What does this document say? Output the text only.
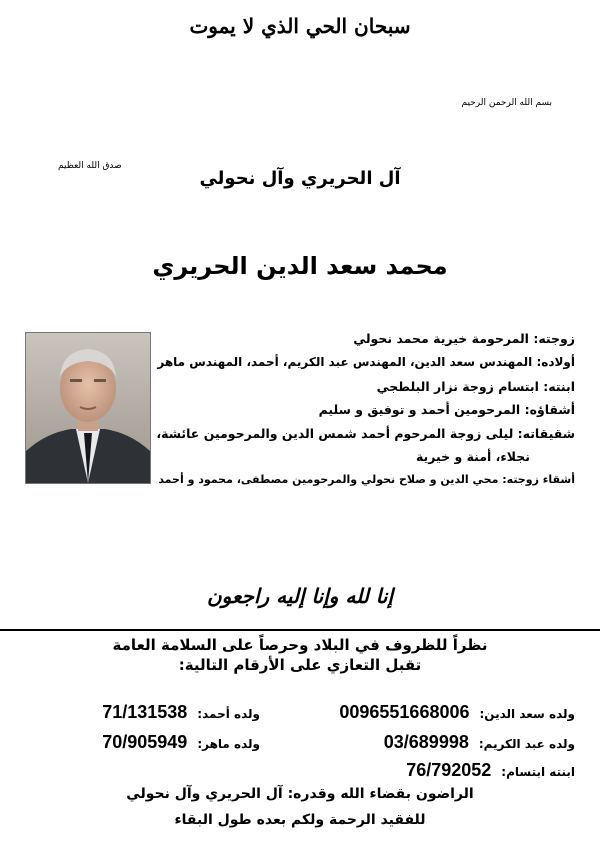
سبحان الحي الذي لا يموت
بسم الله الرحمن الرحيم
صدق الله العظيم
آل الحريري وآل نحولي
محمد سعد الدين الحريري
زوجته: المرحومة خيرية محمد نحولي
أولاده: المهندس سعد الدين، المهندس عبد الكريم، أحمد، المهندس ماهر
ابنته: ابتسام زوجة نزار البلطجي
أشقاؤه: المرحومين أحمد و توفيق و سليم
شقيقاته: ليلى زوجة المرحوم أحمد شمس الدين والمرحومين عائشة،
نجلاء، أمنة و خيرية
أشقاء زوجته: محي الدين و صلاح نحولي والمرحومين مصطفى، محمود و أحمد
إنا لله وإنا إليه راجعون
نظراً للظروف في البلاد وحرصاً على السلامة العامة
تقبل التعازي على الأرقام التالية:
ولده سعد الدين:0096551668006
ولده أحمد:71/131538
ولده عبد الكريم:03/689998
ولده ماهر:70/905949
ابنته ابتسام:76/792052
الراضون بقضاء الله وقدره: آل الحريري وآل نحولي
للفقيد الرحمة ولكم بعده طول البقاء
